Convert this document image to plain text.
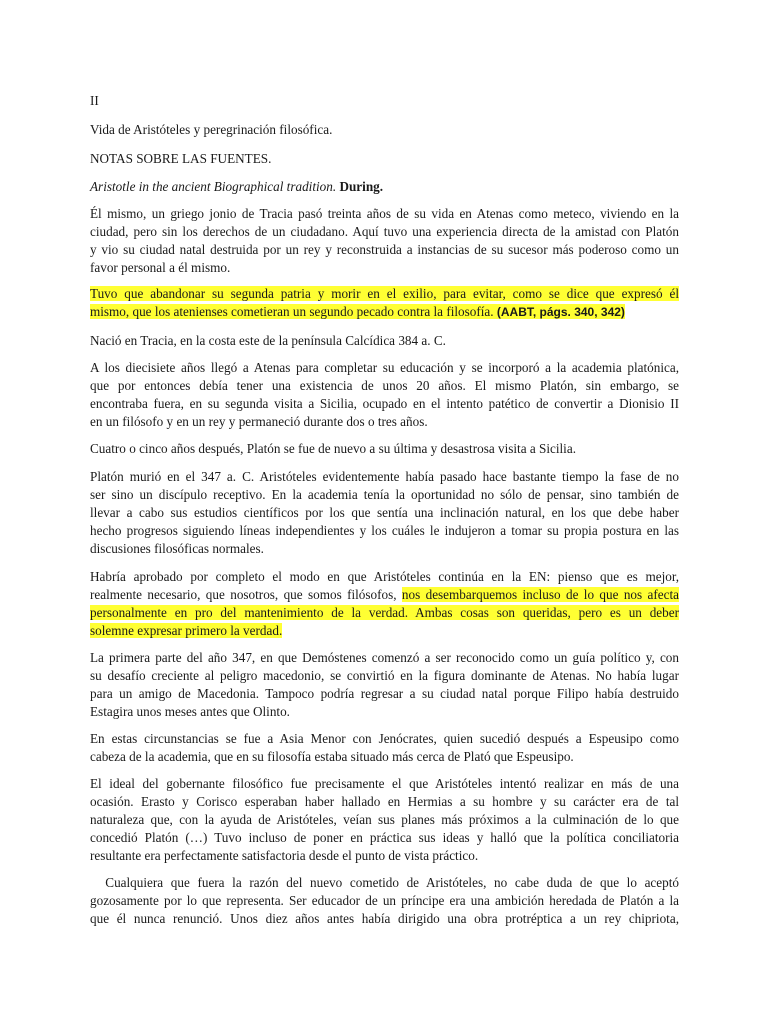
II

Vida de Aristóteles y peregrinación filosófica.

NOTAS SOBRE LAS FUENTES.

Aristotle in the ancient Biographical tradition. During.

Él mismo, un griego jonio de Tracia pasó treinta años de su vida en Atenas como meteco, viviendo en la

ciudad, pero sin los derechos de un ciudadano. Aquí tuvo una experiencia directa de la amistad con Platón

y vio su ciudad natal destruida por un rey y reconstruida a instancias de su sucesor más poderoso como un

favor personal a él mismo.

Tuvo que abandonar su segunda patria y morir en el exilio, para evitar, como se dice que expresó él

mismo, que los atenienses cometieran un segundo pecado contra la filosofía. (AABT, págs. 340, 342)

Nació en Tracia, en la costa este de la península Calcídica 384 a. C.

A los diecisiete años llegó a Atenas para completar su educación y se incorporó a la academia platónica,

que por entonces debía tener una existencia de unos 20 años. El mismo Platón, sin embargo, se

encontraba fuera, en su segunda visita a Sicilia, ocupado en el intento patético de convertir a Dionisio II

en un filósofo y en un rey y permaneció durante dos o tres años.

Cuatro o cinco años después, Platón se fue de nuevo a su última y desastrosa visita a Sicilia.

Platón murió en el 347 a. C. Aristóteles evidentemente había pasado hace bastante tiempo la fase de no

ser sino un discípulo receptivo. En la academia tenía la oportunidad no sólo de pensar, sino también de

llevar a cabo sus estudios científicos por los que sentía una inclinación natural, en los que debe haber

hecho progresos siguiendo líneas independientes y los cuáles le indujeron a tomar su propia postura en las

discusiones filosóficas normales.

Habría aprobado por completo el modo en que Aristóteles continúa en la EN: pienso que es mejor,

realmente necesario, que nosotros, que somos filósofos, nos desembarquemos incluso de lo que nos afecta

personalmente en pro del mantenimiento de la verdad. Ambas cosas son queridas, pero es un deber

solemne expresar primero la verdad.

La primera parte del año 347, en que Demóstenes comenzó a ser reconocido como un guía político y, con

su desafío creciente al peligro macedonio, se convirtió en la figura dominante de Atenas. No había lugar

para un amigo de Macedonia. Tampoco podría regresar a su ciudad natal porque Filipo había destruido

Estagira unos meses antes que Olinto.

En estas circunstancias se fue a Asia Menor con Jenócrates, quien sucedió después a Espeusipo como

cabeza de la academia, que en su filosofía estaba situado más cerca de Plató que Espeusipo.

El ideal del gobernante filosófico fue precisamente el que Aristóteles intentó realizar en más de una

ocasión. Erasto y Corisco esperaban haber hallado en Hermias a su hombre y su carácter era de tal

naturaleza que, con la ayuda de Aristóteles, veían sus planes más próximos a la culminación de lo que

concedió Platón (…) Tuvo incluso de poner en práctica sus ideas y halló que la política conciliatoria

resultante era perfectamente satisfactoria desde el punto de vista práctico.

Cualquiera que fuera la razón del nuevo cometido de Aristóteles, no cabe duda de que lo aceptó

gozosamente por lo que representa. Ser educador de un príncipe era una ambición heredada de Platón a la

que él nunca renunció. Unos diez años antes había dirigido una obra protréptica a un rey chipriota,
